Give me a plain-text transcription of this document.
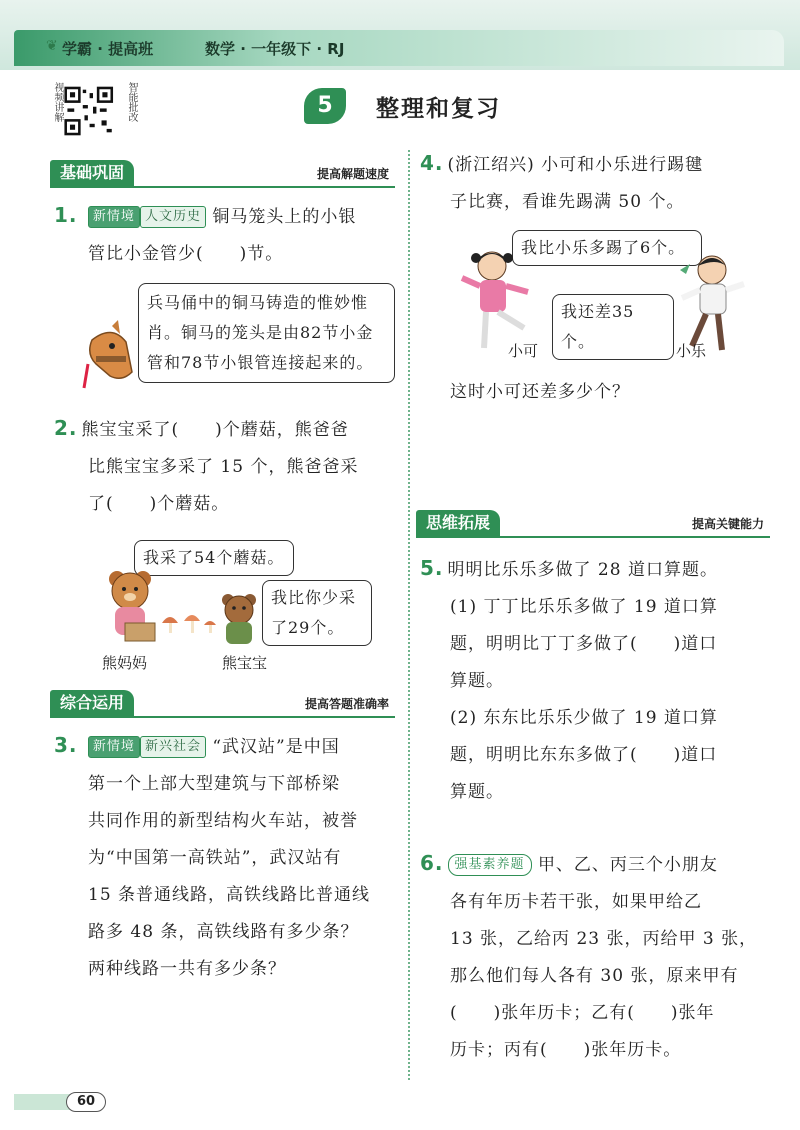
❦ 学霸 · 提高班	数学 · 一年级下 · RJ
视频讲解	智能批改	5	整理和复习
基础巩固	提高解题速度
1. 新情境 人文历史 铜马笼头上的小银
管比小金管少(　　)节。
兵马俑中的铜马铸造的惟妙惟
肖。铜马的笼头是由82节小金
管和78节小银管连接起来的。
2. 熊宝宝采了(　　)个蘑菇，熊爸爸
比熊宝宝多采了 15 个，熊爸爸采
了(　　)个蘑菇。
我采了54个蘑菇。
我比你少采
了29个。
熊妈妈	熊宝宝
综合运用	提高答题准确率
3. 新情境 新兴社会 “武汉站”是中国
第一个上部大型建筑与下部桥梁
共同作用的新型结构火车站，被誉
为“中国第一高铁站”，武汉站有
15 条普通线路，高铁线路比普通线
路多 48 条，高铁线路有多少条？
两种线路一共有多少条？
4. (浙江绍兴) 小可和小乐进行踢毽
子比赛，看谁先踢满 50 个。
我比小乐多踢了6个。
我还差35个。
小可	小乐
这时小可还差多少个？
思维拓展	提高关键能力
5. 明明比乐乐多做了 28 道口算题。
(1) 丁丁比乐乐多做了 19 道口算
题，明明比丁丁多做了(　　)道口
算题。
(2) 东东比乐乐少做了 19 道口算
题，明明比东东多做了(　　)道口
算题。
6. 强基素养题 甲、乙、丙三个小朋友
各有年历卡若干张，如果甲给乙
13 张，乙给丙 23 张，丙给甲 3 张，
那么他们每人各有 30 张，原来甲有
(　　)张年历卡；乙有(　　)张年
历卡；丙有(　　)张年历卡。
60
